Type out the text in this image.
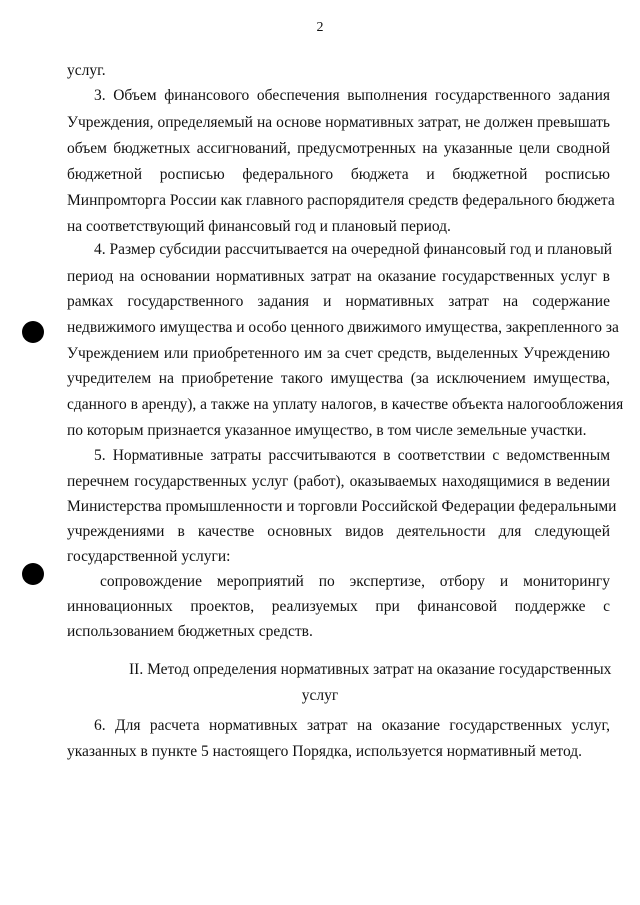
2
услуг.
3. Объем финансового обеспечения выполнения государственного задания
Учреждения, определяемый на основе нормативных затрат, не должен превышать
объем бюджетных ассигнований, предусмотренных на указанные цели сводной
бюджетной росписью федерального бюджета и бюджетной росписью
Минпромторга России как главного распорядителя средств федерального бюджета
на соответствующий финансовый год и плановый период.
4. Размер субсидии рассчитывается на очередной финансовый год и плановый
период на основании нормативных затрат на оказание государственных услуг в
рамках государственного задания и нормативных затрат на содержание
недвижимого имущества и особо ценного движимого имущества, закрепленного за
Учреждением или приобретенного им за счет средств, выделенных Учреждению
учредителем на приобретение такого имущества (за исключением имущества,
сданного в аренду), а также на уплату налогов, в качестве объекта налогообложения
по которым признается указанное имущество, в том числе земельные участки.
5. Нормативные затраты рассчитываются в соответствии с ведомственным
перечнем государственных услуг (работ), оказываемых находящимися в ведении
Министерства промышленности и торговли Российской Федерации федеральными
учреждениями в качестве основных видов деятельности для следующей
государственной услуги:
сопровождение мероприятий по экспертизе, отбору и мониторингу
инновационных проектов, реализуемых при финансовой поддержке с
использованием бюджетных средств.
II. Метод определения нормативных затрат на оказание государственных
услуг
6. Для расчета нормативных затрат на оказание государственных услуг,
указанных в пункте 5 настоящего Порядка, используется нормативный метод.
